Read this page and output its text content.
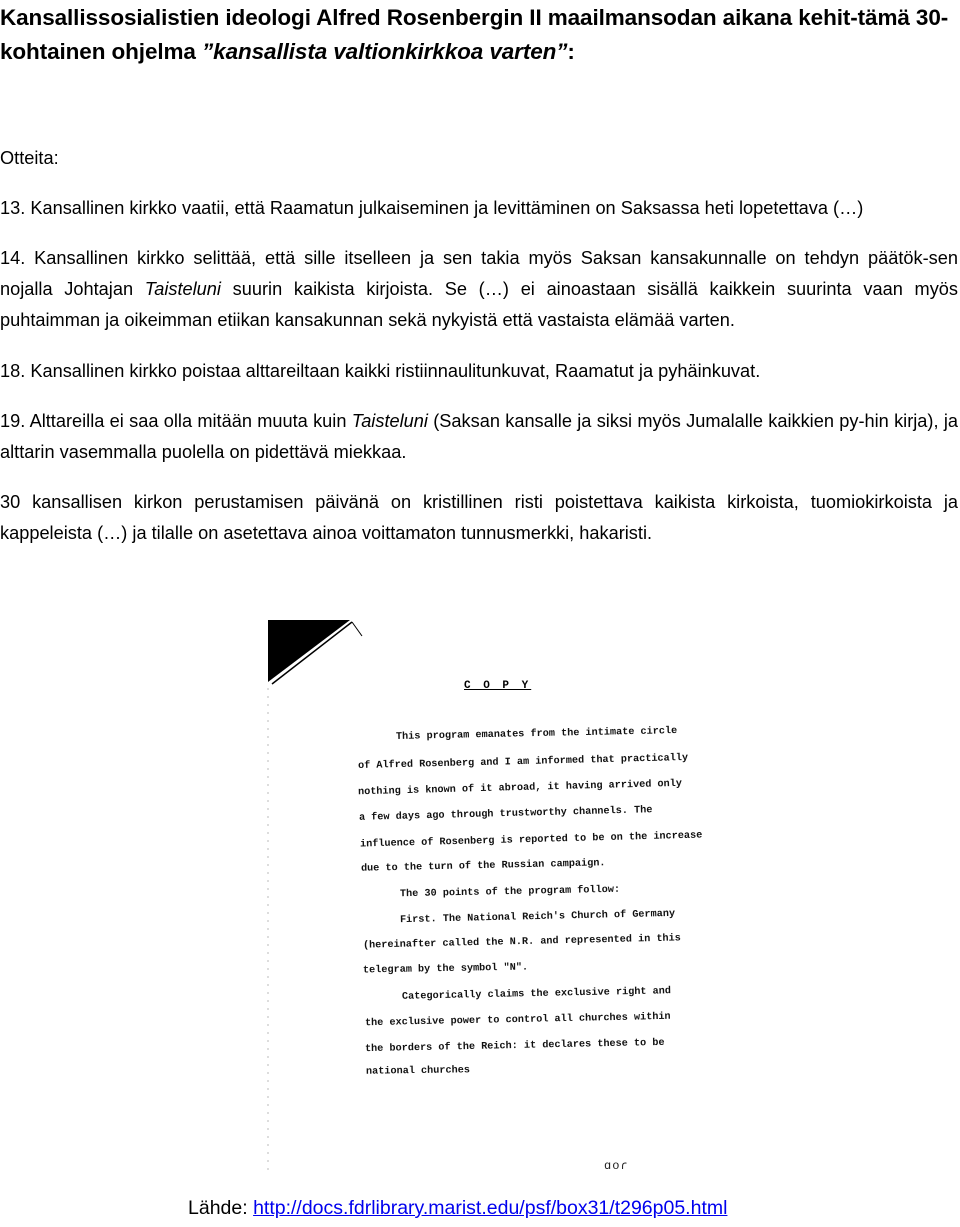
Kansallissosialistien ideologi Alfred Rosenbergin II maailmansodan aikana kehit-tämä 30-kohtainen ohjelma ”kansallista valtionkirkkoa varten”:
Otteita:
13. Kansallinen kirkko vaatii, että Raamatun julkaiseminen ja levittäminen on Saksassa heti lopetettava (…)
14. Kansallinen kirkko selittää, että sille itselleen ja sen takia myös Saksan kansakunnalle on tehdyn päätök-sen nojalla Johtajan Taisteluni suurin kaikista kirjoista. Se (…) ei ainoastaan sisällä kaikkein suurinta vaan myös puhtaimman ja oikeimman etiikan kansakunnan sekä nykyistä että vastaista elämää varten.
18. Kansallinen kirkko poistaa alttareiltaan kaikki ristiinnaulitunkuvat, Raamatut ja pyhäinkuvat.
19. Alttareilla ei saa olla mitään muuta kuin Taisteluni (Saksan kansalle ja siksi myös Jumalalle kaikkien py-hin kirja), ja alttarin vasemmalla puolella on pidettävä miekkaa.
30 kansallisen kirkon perustamisen päivänä on kristillinen risti poistettava kaikista kirkoista, tuomiokirkoista ja kappeleista (…) ja tilalle on asetettava ainoa voittamaton tunnusmerkki, hakaristi.
C O P Y
This program emanates from the intimate circle
of Alfred Rosenberg and I am informed that practically
nothing is known of it abroad, it having arrived only
a few days ago through trustworthy channels. The
influence of Rosenberg is reported to be on the increase
due to the turn of the Russian campaign.
The 30 points of the program follow:
First. The National Reich's Church of Germany
(hereinafter called the N.R. and represented in this
telegram by the symbol "N".
Categorically claims the exclusive right and
the exclusive power to control all churches within
the borders of the Reich: it declares these to be
national churches
ɑoɾ
Lähde: http://docs.fdrlibrary.marist.edu/psf/box31/t296p05.html
